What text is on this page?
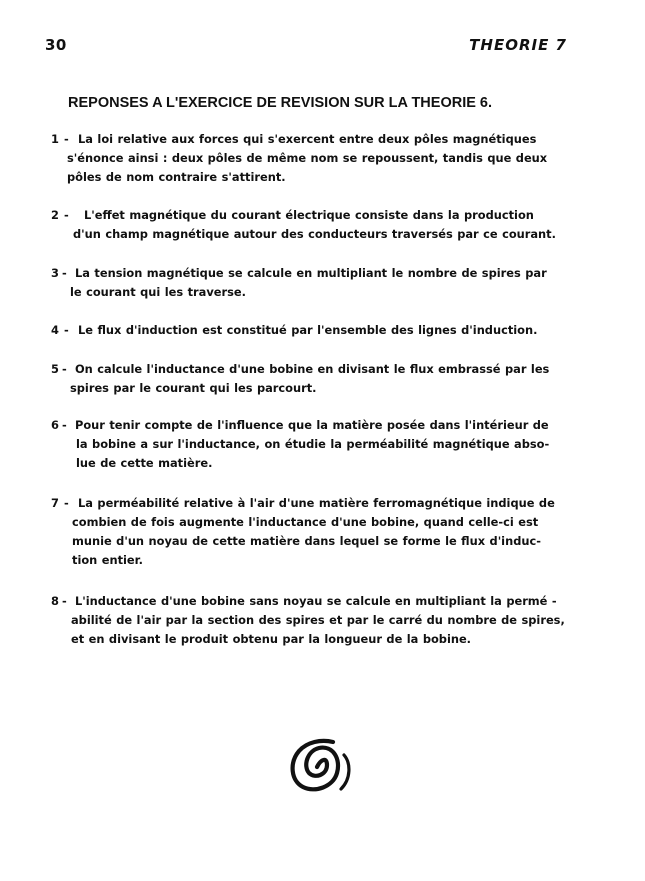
30	THEORIE 7
REPONSES A L'EXERCICE DE REVISION SUR LA THEORIE 6.
1 - La loi relative aux forces qui s'exercent entre deux pôles magnétiques
s'énonce ainsi : deux pôles de même nom se repoussent, tandis que deux
pôles de nom contraire s'attirent.
2 - L'effet magnétique du courant électrique consiste dans la production
d'un champ magnétique autour des conducteurs traversés par ce courant.
3 - La tension magnétique se calcule en multipliant le nombre de spires par
le courant qui les traverse.
4 - Le flux d'induction est constitué par l'ensemble des lignes d'induction.
5 - On calcule l'inductance d'une bobine en divisant le flux embrassé par les
spires par le courant qui les parcourt.
6 - Pour tenir compte de l'influence que la matière posée dans l'intérieur de
la bobine a sur l'inductance, on étudie la perméabilité magnétique abso-
lue de cette matière.
7 - La perméabilité relative à l'air d'une matière ferromagnétique indique de
combien de fois augmente l'inductance d'une bobine, quand celle-ci est
munie d'un noyau de cette matière dans lequel se forme le flux d'induc-
tion entier.
8 - L'inductance d'une bobine sans noyau se calcule en multipliant la permé -
abilité de l'air par la section des spires et par le carré du nombre de spires,
et en divisant le produit obtenu par la longueur de la bobine.
